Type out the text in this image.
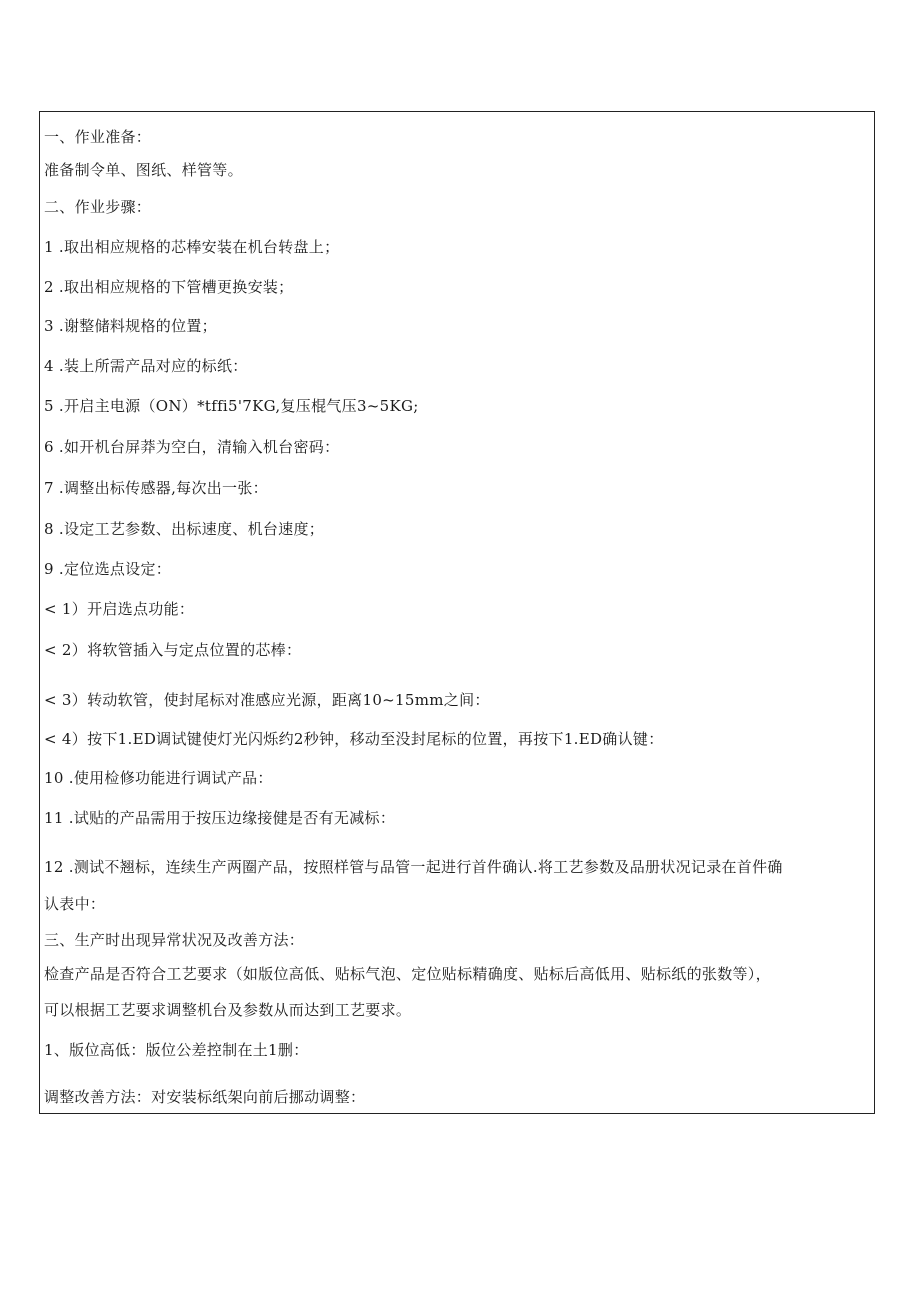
一、作业准备：
准备制令单、图纸、样管等。
二、作业步骤：
1 .取出相应规格的芯棒安装在机台转盘上；
2 .取出相应规格的下管槽更换安装；
3 .谢整储料规格的位置；
4 .装上所需产品对应的标纸：
5 .开启主电源（ON）*tffi5'7KG,复压棍气压3~5KG;
6 .如开机台屏莽为空白，清输入机台密码：
7 .调整出标传感器,每次出一张：
8 .设定工艺参数、出标速度、机台速度；
9 .定位选点设定：
< 1）开启选点功能：
< 2）将软管插入与定点位置的芯棒：
< 3）转动软管，使封尾标对准感应光源，距离10~15mm之间：
< 4）按下1.ED调试键使灯光闪烁约2秒钟，移动至没封尾标的位置，再按下1.ED确认键：
10 .使用检修功能进行调试产品：
11 .试贴的产品需用于按压边缘接健是否有无减标：
12 .测试不翘标，连续生产两圈产品，按照样管与品管一起进行首件确认.将工艺参数及品册状况记录在首件确
认表中：
三、生产时出现异常状况及改善方法：
检查产品是否符合工艺要求（如版位高低、贴标气泡、定位贴标精确度、贴标后高低用、贴标纸的张数等），
可以根据工艺要求调整机台及参数从而达到工艺要求。
1、版位高低：版位公差控制在土1删：
调整改善方法：对安装标纸架向前后挪动调整：
